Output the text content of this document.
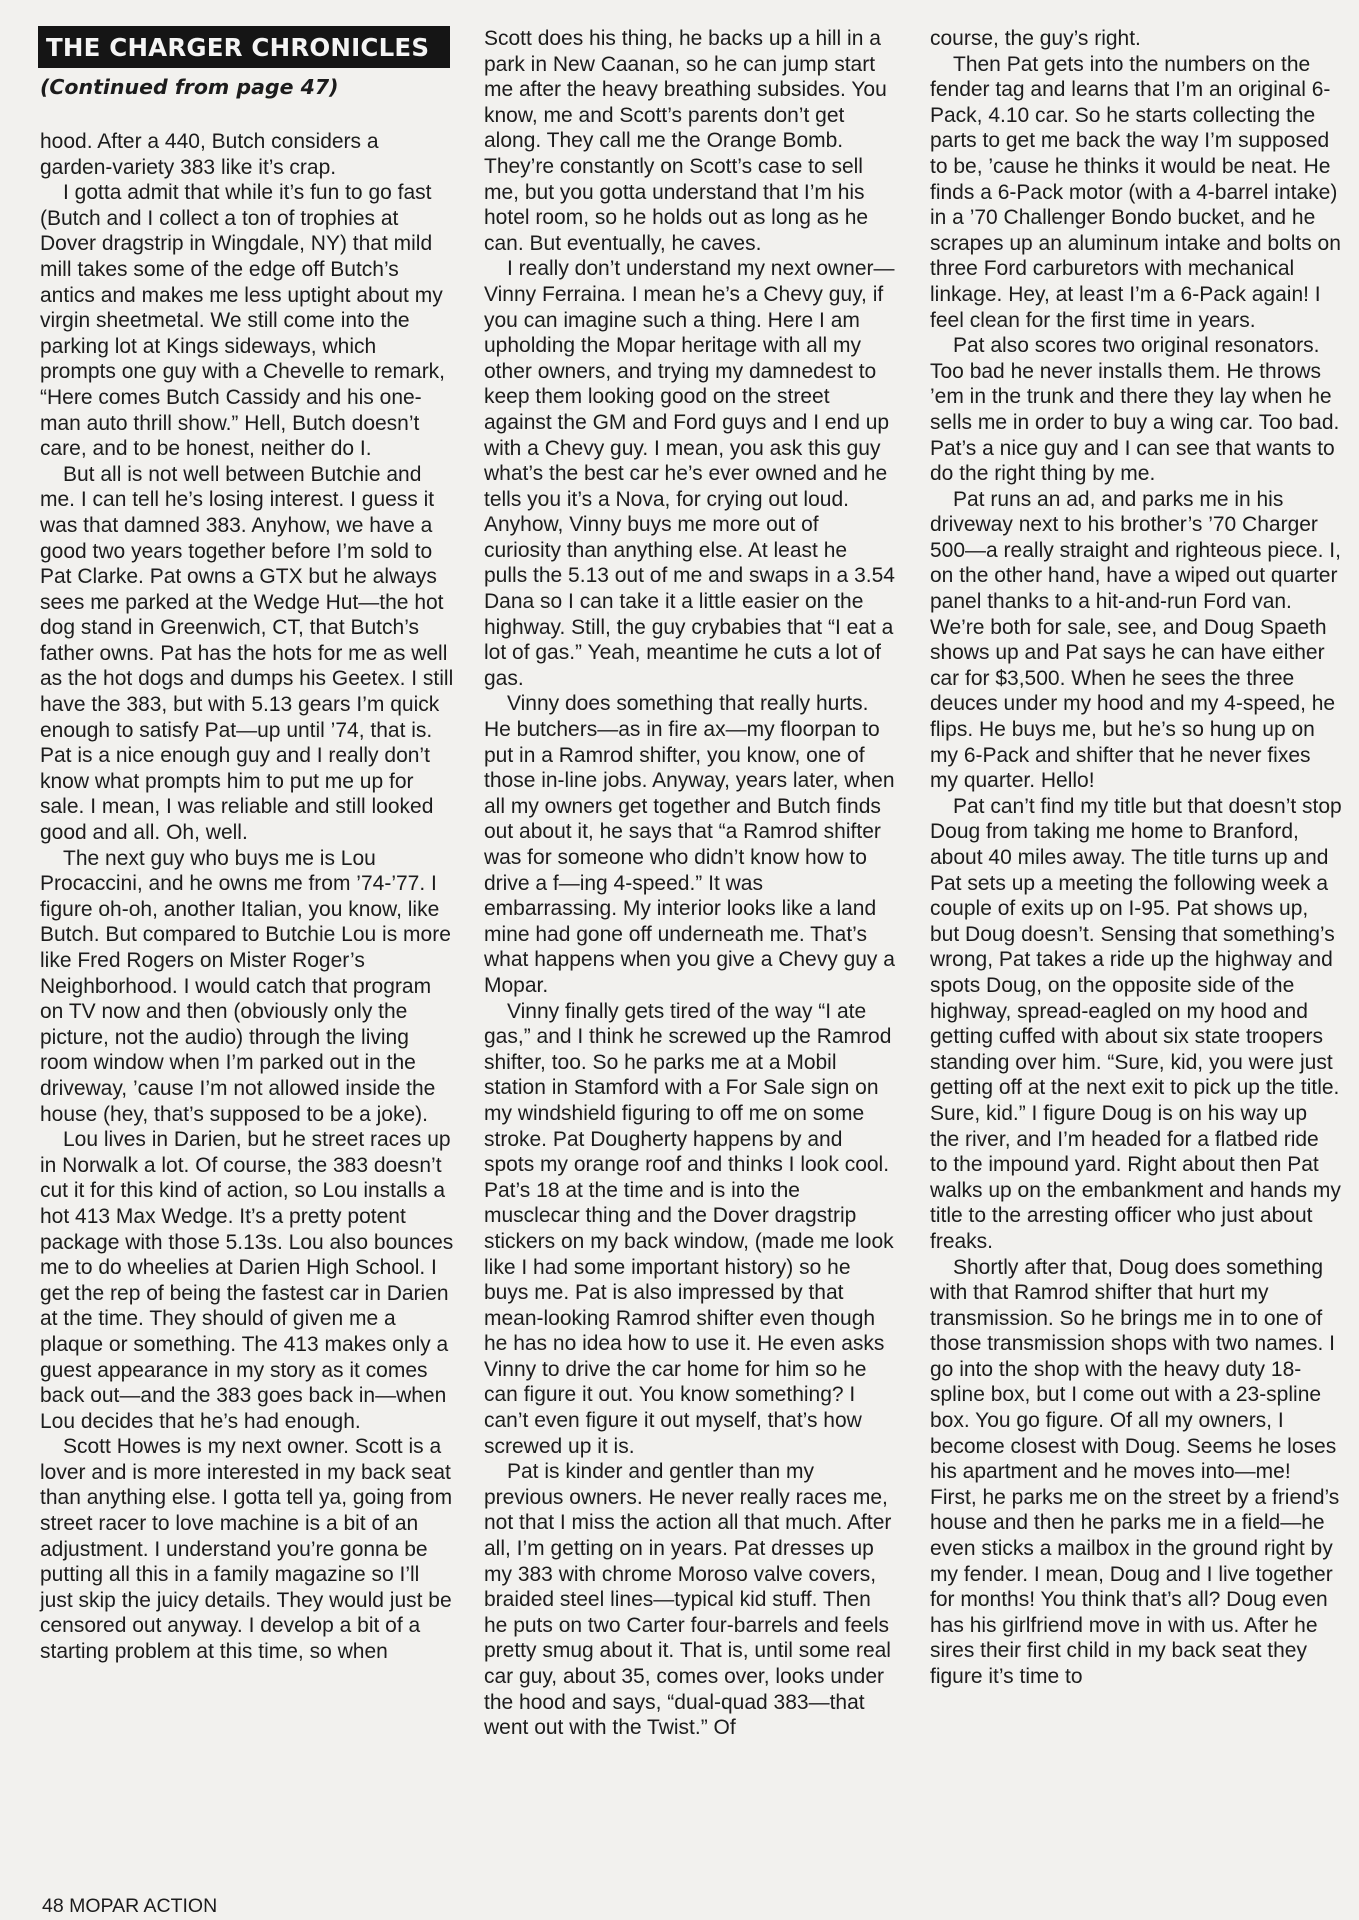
THE CHARGER CHRONICLES
(Continued from page 47)

hood. After a 440, Butch considers a garden-variety 383 like it’s crap.

I gotta admit that while it’s fun to go fast (Butch and I collect a ton of trophies at Dover dragstrip in Wingdale, NY) that mild mill takes some of the edge off Butch’s antics and makes me less uptight about my virgin sheetmetal. We still come into the parking lot at Kings sideways, which prompts one guy with a Chevelle to remark, “Here comes Butch Cassidy and his one-man auto thrill show.” Hell, Butch doesn’t care, and to be honest, neither do I.

But all is not well between Butchie and me. I can tell he’s losing interest. I guess it was that damned 383. Anyhow, we have a good two years together before I’m sold to Pat Clarke. Pat owns a GTX but he always sees me parked at the Wedge Hut—the hot dog stand in Greenwich, CT, that Butch’s father owns. Pat has the hots for me as well as the hot dogs and dumps his Geetex. I still have the 383, but with 5.13 gears I’m quick enough to satisfy Pat—up until ’74, that is. Pat is a nice enough guy and I really don’t know what prompts him to put me up for sale. I mean, I was reliable and still looked good and all. Oh, well.

The next guy who buys me is Lou Procaccini, and he owns me from ’74-’77. I figure oh-oh, another Italian, you know, like Butch. But compared to Butchie Lou is more like Fred Rogers on Mister Roger’s Neighborhood. I would catch that program on TV now and then (obviously only the picture, not the audio) through the living room window when I’m parked out in the driveway, ’cause I’m not allowed inside the house (hey, that’s supposed to be a joke).

Lou lives in Darien, but he street races up in Norwalk a lot. Of course, the 383 doesn’t cut it for this kind of action, so Lou installs a hot 413 Max Wedge. It’s a pretty potent package with those 5.13s. Lou also bounces me to do wheelies at Darien High School. I get the rep of being the fastest car in Darien at the time. They should of given me a plaque or something. The 413 makes only a guest appearance in my story as it comes back out—and the 383 goes back in—when Lou decides that he’s had enough.

Scott Howes is my next owner. Scott is a lover and is more interested in my back seat than anything else. I gotta tell ya, going from street racer to love machine is a bit of an adjustment. I understand you’re gonna be putting all this in a family magazine so I’ll just skip the juicy details. They would just be censored out anyway. I develop a bit of a starting problem at this time, so when

Scott does his thing, he backs up a hill in a park in New Caanan, so he can jump start me after the heavy breathing subsides. You know, me and Scott’s parents don’t get along. They call me the Orange Bomb. They’re constantly on Scott’s case to sell me, but you gotta understand that I’m his hotel room, so he holds out as long as he can. But eventually, he caves.

I really don’t understand my next owner—Vinny Ferraina. I mean he’s a Chevy guy, if you can imagine such a thing. Here I am upholding the Mopar heritage with all my other owners, and trying my damnedest to keep them looking good on the street against the GM and Ford guys and I end up with a Chevy guy. I mean, you ask this guy what’s the best car he’s ever owned and he tells you it’s a Nova, for crying out loud. Anyhow, Vinny buys me more out of curiosity than anything else. At least he pulls the 5.13 out of me and swaps in a 3.54 Dana so I can take it a little easier on the highway. Still, the guy crybabies that “I eat a lot of gas.” Yeah, meantime he cuts a lot of gas.

Vinny does something that really hurts. He butchers—as in fire ax—my floorpan to put in a Ramrod shifter, you know, one of those in-line jobs. Anyway, years later, when all my owners get together and Butch finds out about it, he says that “a Ramrod shifter was for someone who didn’t know how to drive a f—ing 4-speed.” It was embarrassing. My interior looks like a land mine had gone off underneath me. That’s what happens when you give a Chevy guy a Mopar.

Vinny finally gets tired of the way “I ate gas,” and I think he screwed up the Ramrod shifter, too. So he parks me at a Mobil station in Stamford with a For Sale sign on my windshield figuring to off me on some stroke. Pat Dougherty happens by and spots my orange roof and thinks I look cool. Pat’s 18 at the time and is into the musclecar thing and the Dover dragstrip stickers on my back window, (made me look like I had some important history) so he buys me. Pat is also impressed by that mean-looking Ramrod shifter even though he has no idea how to use it. He even asks Vinny to drive the car home for him so he can figure it out. You know something? I can’t even figure it out myself, that’s how screwed up it is.

Pat is kinder and gentler than my previous owners. He never really races me, not that I miss the action all that much. After all, I’m getting on in years. Pat dresses up my 383 with chrome Moroso valve covers, braided steel lines—typical kid stuff. Then he puts on two Carter four-barrels and feels pretty smug about it. That is, until some real car guy, about 35, comes over, looks under the hood and says, “dual-quad 383—that went out with the Twist.” Of

course, the guy’s right.

Then Pat gets into the numbers on the fender tag and learns that I’m an original 6-Pack, 4.10 car. So he starts collecting the parts to get me back the way I’m supposed to be, ’cause he thinks it would be neat. He finds a 6-Pack motor (with a 4-barrel intake) in a ’70 Challenger Bondo bucket, and he scrapes up an aluminum intake and bolts on three Ford carburetors with mechanical linkage. Hey, at least I’m a 6-Pack again! I feel clean for the first time in years.

Pat also scores two original resonators. Too bad he never installs them. He throws ’em in the trunk and there they lay when he sells me in order to buy a wing car. Too bad. Pat’s a nice guy and I can see that wants to do the right thing by me.

Pat runs an ad, and parks me in his driveway next to his brother’s ’70 Charger 500—a really straight and righteous piece. I, on the other hand, have a wiped out quarter panel thanks to a hit-and-run Ford van. We’re both for sale, see, and Doug Spaeth shows up and Pat says he can have either car for $3,500. When he sees the three deuces under my hood and my 4-speed, he flips. He buys me, but he’s so hung up on my 6-Pack and shifter that he never fixes my quarter. Hello!

Pat can’t find my title but that doesn’t stop Doug from taking me home to Branford, about 40 miles away. The title turns up and Pat sets up a meeting the following week a couple of exits up on I-95. Pat shows up, but Doug doesn’t. Sensing that something’s wrong, Pat takes a ride up the highway and spots Doug, on the opposite side of the highway, spread-eagled on my hood and getting cuffed with about six state troopers standing over him. “Sure, kid, you were just getting off at the next exit to pick up the title. Sure, kid.” I figure Doug is on his way up the river, and I’m headed for a flatbed ride to the impound yard. Right about then Pat walks up on the embankment and hands my title to the arresting officer who just about freaks.

Shortly after that, Doug does something with that Ramrod shifter that hurt my transmission. So he brings me in to one of those transmission shops with two names. I go into the shop with the heavy duty 18-spline box, but I come out with a 23-spline box. You go figure. Of all my owners, I become closest with Doug. Seems he loses his apartment and he moves into—me! First, he parks me on the street by a friend’s house and then he parks me in a field—he even sticks a mailbox in the ground right by my fender. I mean, Doug and I live together for months! You think that’s all? Doug even has his girlfriend move in with us. After he sires their first child in my back seat they figure it’s time to

48 MOPAR ACTION
